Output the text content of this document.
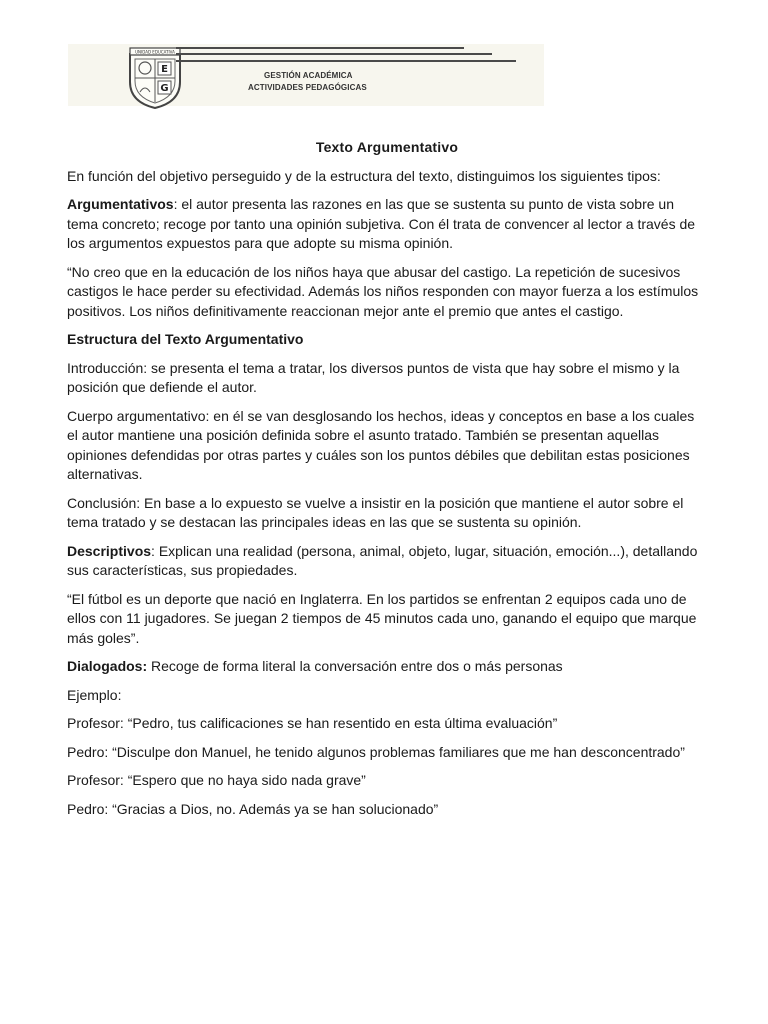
UNIDAD EDUCATIVA
E
G
GESTIÓN ACADÉMICA
ACTIVIDADES PEDAGÓGICAS
Texto Argumentativo
En función del objetivo perseguido y de la estructura del texto, distinguimos los siguientes tipos:
Argumentativos: el autor presenta las razones en las que se sustenta su punto de vista sobre un tema concreto; recoge por tanto una opinión subjetiva. Con él trata de convencer al lector a través de los argumentos expuestos para que adopte su misma opinión.
“No creo que en la educación de los niños haya que abusar del castigo. La repetición de sucesivos castigos le hace perder su efectividad. Además los niños responden con mayor fuerza a los estímulos positivos. Los niños definitivamente reaccionan mejor ante el premio que antes el castigo.
Estructura del Texto Argumentativo
Introducción: se presenta el tema a tratar, los diversos puntos de vista que hay sobre el mismo y la posición que defiende el autor.
Cuerpo argumentativo: en él se van desglosando los hechos, ideas y conceptos en base a los cuales el autor mantiene una posición definida sobre el asunto tratado. También se presentan aquellas opiniones defendidas por otras partes y cuáles son los puntos débiles que debilitan estas posiciones alternativas.
Conclusión: En base a lo expuesto se vuelve a insistir en la posición que mantiene el autor sobre el tema tratado y se destacan las principales ideas en las que se sustenta su opinión.
Descriptivos: Explican una realidad (persona, animal, objeto, lugar, situación, emoción...), detallando sus características, sus propiedades.
“El fútbol es un deporte que nació en Inglaterra. En los partidos se enfrentan 2 equipos cada uno de ellos con 11 jugadores. Se juegan 2 tiempos de 45 minutos cada uno, ganando el equipo que marque más goles”.
Dialogados: Recoge de forma literal la conversación entre dos o más personas
Ejemplo:
Profesor: “Pedro, tus calificaciones se han resentido en esta última evaluación”
Pedro: “Disculpe don Manuel, he tenido algunos problemas familiares que me han desconcentrado”
Profesor: “Espero que no haya sido nada grave”
Pedro: “Gracias a Dios, no. Además ya se han solucionado”
